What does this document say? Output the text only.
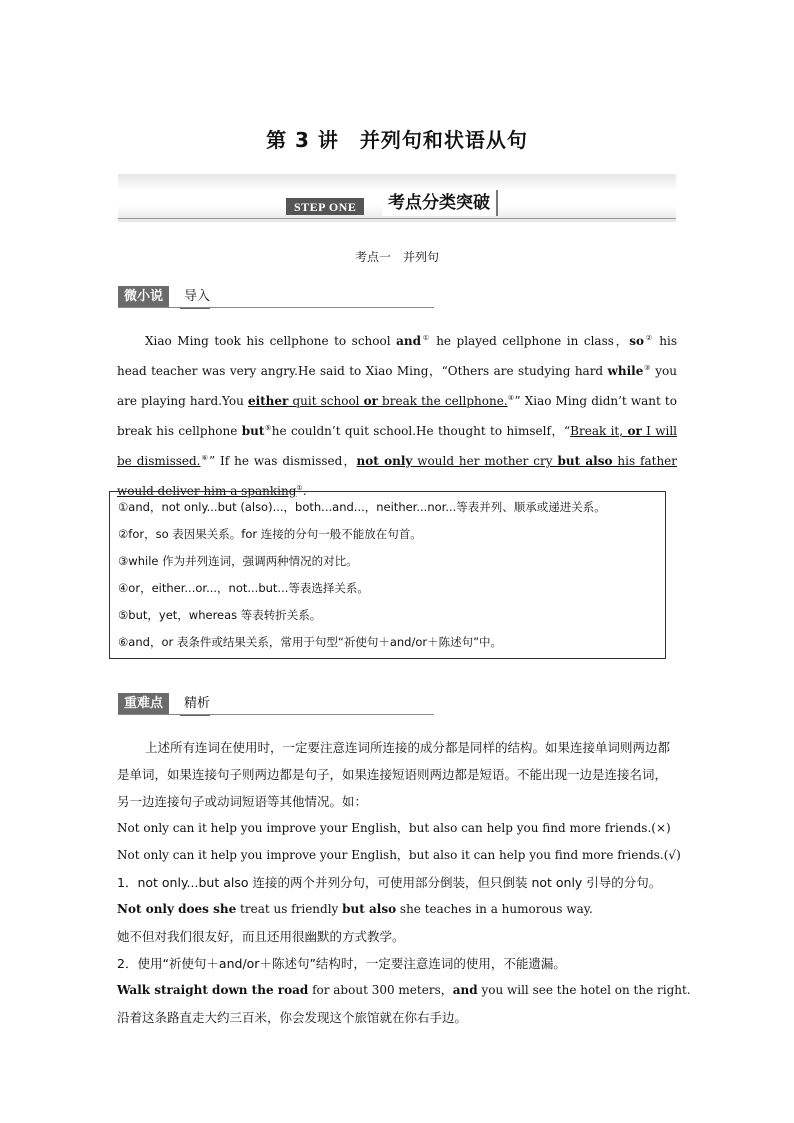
第 3 讲　并列句和状语从句
STEP ONE	考点分类突破
考点一　并列句
微小说	导入
Xiao Ming took his cellphone to school and① he played cellphone in class，so② his head teacher was very angry.He said to Xiao Ming，“Others are studying hard while③ you are playing hard.You either quit school or break the cellphone.④” Xiao Ming didn’t want to break his cellphone but⑤he couldn’t quit school.He thought to himself，“Break it, or I will be dismissed.⑥” If he was dismissed，not only would her mother cry but also his father would deliver him a spanking①.
①and，not only...but (also)...，both...and...，neither...nor...等表并列、顺承或递进关系。
②for，so 表因果关系。for 连接的分句一般不能放在句首。
③while 作为并列连词，强调两种情况的对比。
④or，either...or...，not...but...等表选择关系。
⑤but，yet，whereas 等表转折关系。
⑥and，or 表条件或结果关系，常用于句型“祈使句＋and/or＋陈述句”中。
重难点	精析
上述所有连词在使用时，一定要注意连词所连接的成分都是同样的结构。如果连接单词则两边都是单词，如果连接句子则两边都是句子，如果连接短语则两边都是短语。不能出现一边是连接名词，另一边连接句子或动词短语等其他情况。如：
Not only can it help you improve your English，but also can help you find more friends.(×)
Not only can it help you improve your English，but also it can help you find more friends.(√)
1．not only...but also 连接的两个并列分句，可使用部分倒装，但只倒装 not only 引导的分句。
Not only does she treat us friendly but also she teaches in a humorous way.
她不但对我们很友好，而且还用很幽默的方式教学。
2．使用“祈使句＋and/or＋陈述句”结构时，一定要注意连词的使用，不能遗漏。
Walk straight down the road for about 300 meters，and you will see the hotel on the right.
沿着这条路直走大约三百米，你会发现这个旅馆就在你右手边。
